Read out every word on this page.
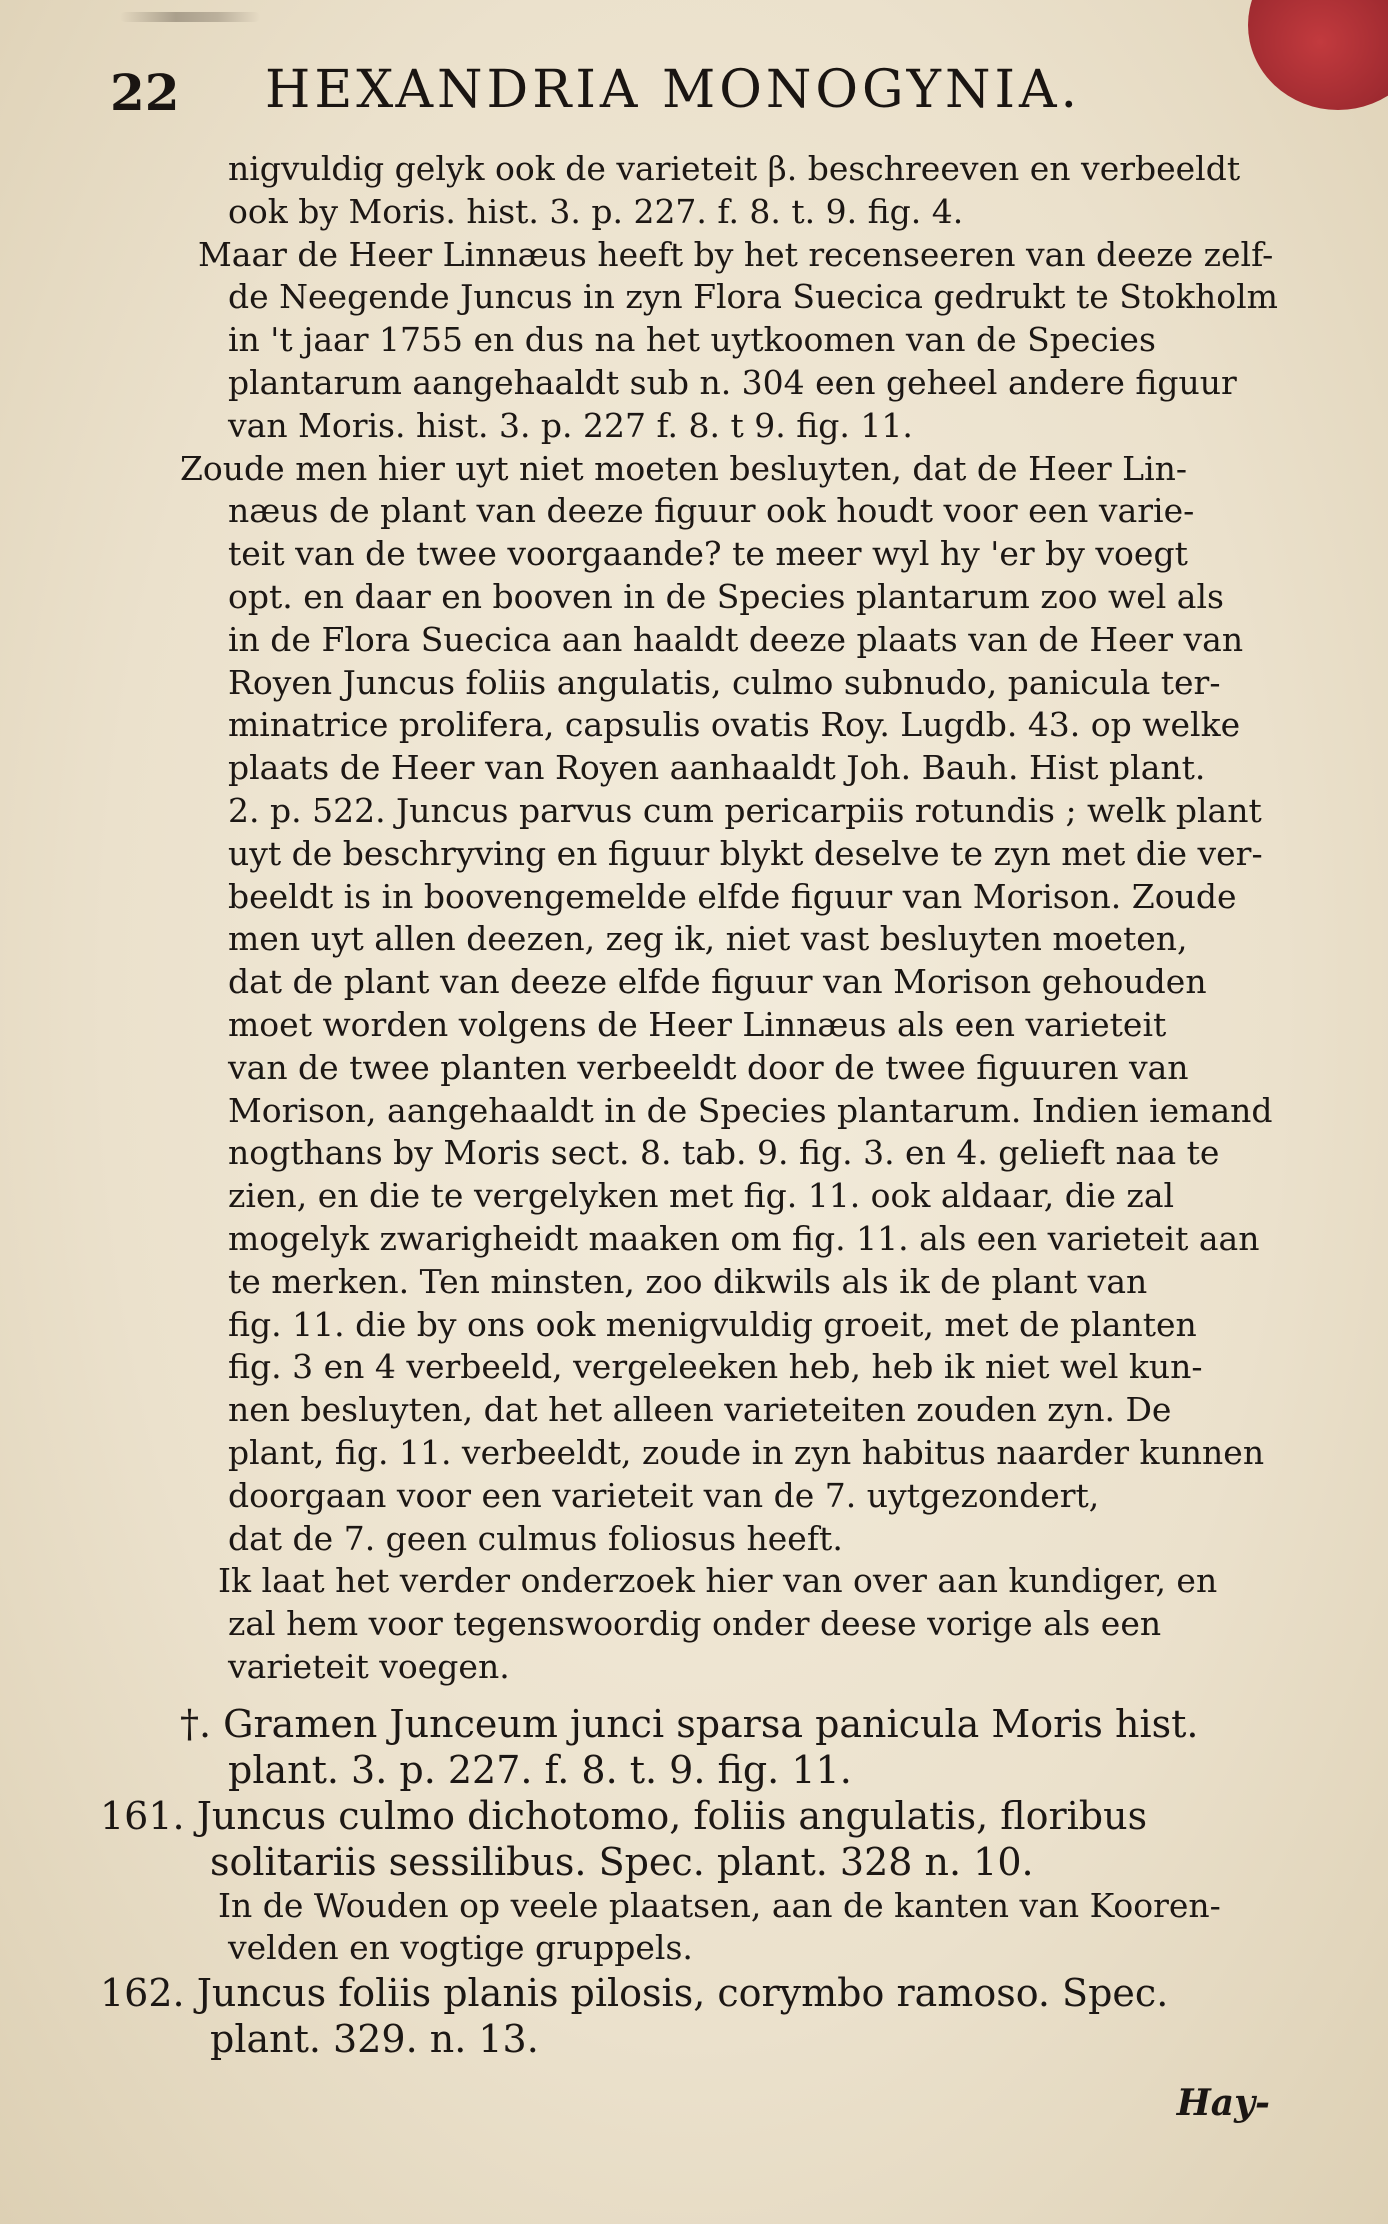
22 HEXANDRIA MONOGYNIA.
nigvuldig gelyk ook de varieteit β. beschreeven en verbeeldt
ook by Moris. hist. 3. p. 227. f. 8. t. 9. fig. 4.
Maar de Heer Linnæus heeft by het recenseeren van deeze zelf-
de Neegende Juncus in zyn Flora Suecica gedrukt te Stokholm
in 't jaar 1755 en dus na het uytkoomen van de Species
plantarum aangehaaldt sub n. 304 een geheel andere figuur
van Moris. hist. 3. p. 227 f. 8. t 9. fig. 11.
Zoude men hier uyt niet moeten besluyten, dat de Heer Lin-
næus de plant van deeze figuur ook houdt voor een varie-
teit van de twee voorgaande? te meer wyl hy 'er by voegt
opt. en daar en booven in de Species plantarum zoo wel als
in de Flora Suecica aan haaldt deeze plaats van de Heer van
Royen Juncus foliis angulatis, culmo subnudo, panicula ter-
minatrice prolifera, capsulis ovatis Roy. Lugdb. 43. op welke
plaats de Heer van Royen aanhaaldt Joh. Bauh. Hist plant.
2. p. 522. Juncus parvus cum pericarpiis rotundis ; welk plant
uyt de beschryving en figuur blykt deselve te zyn met die ver-
beeldt is in boovengemelde elfde figuur van Morison. Zoude
men uyt allen deezen, zeg ik, niet vast besluyten moeten,
dat de plant van deeze elfde figuur van Morison gehouden
moet worden volgens de Heer Linnæus als een varieteit
van de twee planten verbeeldt door de twee figuuren van
Morison, aangehaaldt in de Species plantarum. Indien iemand
nogthans by Moris sect. 8. tab. 9. fig. 3. en 4. gelieft naa te
zien, en die te vergelyken met fig. 11. ook aldaar, die zal
mogelyk zwarigheidt maaken om fig. 11. als een varieteit aan
te merken. Ten minsten, zoo dikwils als ik de plant van
fig. 11. die by ons ook menigvuldig groeit, met de planten
fig. 3 en 4 verbeeld, vergeleeken heb, heb ik niet wel kun-
nen besluyten, dat het alleen varieteiten zouden zyn. De
plant, fig. 11. verbeeldt, zoude in zyn habitus naarder kunnen
doorgaan voor een varieteit van de 7. uytgezondert,
dat de 7. geen culmus foliosus heeft.
Ik laat het verder onderzoek hier van over aan kundiger, en
zal hem voor tegenswoordig onder deese vorige als een
varieteit voegen.
†. Gramen Junceum junci sparsa panicula Moris hist.
plant. 3. p. 227. f. 8. t. 9. fig. 11.
161. Juncus culmo dichotomo, foliis angulatis, floribus
solitariis sessilibus. Spec. plant. 328 n. 10.
In de Wouden op veele plaatsen, aan de kanten van Kooren-
velden en vogtige gruppels.
162. Juncus foliis planis pilosis, corymbo ramoso. Spec.
plant. 329. n. 13.
Hay-
